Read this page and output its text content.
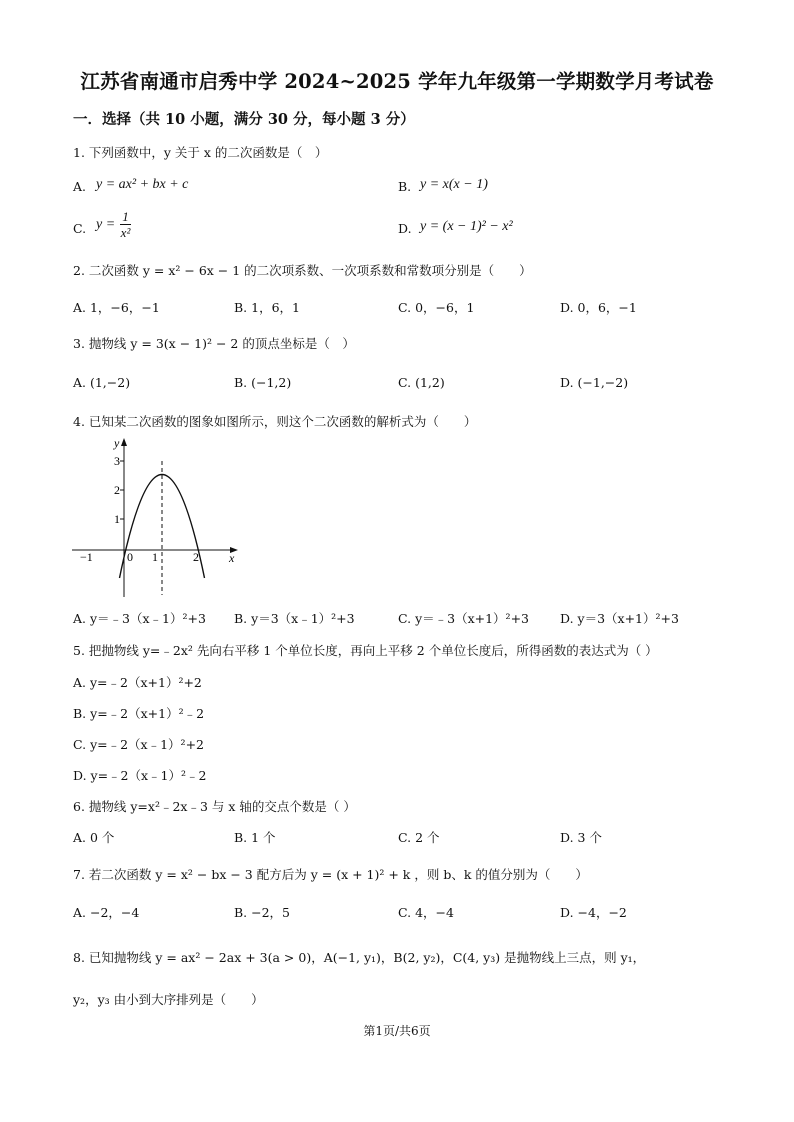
江苏省南通市启秀中学 2024~2025 学年九年级第一学期数学月考试卷
一．选择（共 10 小题，满分 30 分，每小题 3 分）
1. 下列函数中，y 关于 x 的二次函数是（　）
A. y = ax² + bx + c	B. y = x(x − 1)
C. $y = \frac{1}{\text{x²}}$	D. y = (x − 1)² − x²
2. 二次函数 y = x² − 6x − 1 的二次项系数、一次项系数和常数项分别是（　　）
A. 1，−6，−1	B. 1，6，1	C. 0，−6，1	D. 0，6，−1
3. 抛物线 y = 3(x − 1)² − 2 的顶点坐标是（　）
A. (1,−2)	B. (−1,2)	C. (1,2)	D. (−1,−2)
4. 已知某二次函数的图象如图所示，则这个二次函数的解析式为（　　）
y
x
3
2
1
−1	0 1	2
A. y＝﹣3（x﹣1）²+3 B. y＝3（x﹣1）²+3	C. y＝﹣3（x+1）²+3 D. y＝3（x+1）²+3
5. 把抛物线 y=﹣2x² 先向右平移 1 个单位长度，再向上平移 2 个单位长度后，所得函数的表达式为（ ）
A. y=﹣2（x+1）²+2
B. y=﹣2（x+1）²﹣2
C. y=﹣2（x﹣1）²+2
D. y=﹣2（x﹣1）²﹣2
6. 抛物线 y=x²﹣2x﹣3 与 x 轴的交点个数是（ ）
A. 0 个	B. 1 个	C. 2 个	D. 3 个
7. 若二次函数 y = x² − bx − 3 配方后为 y = (x + 1)² + k ，则 b、k 的值分别为（　　）
A. −2，−4	B. −2，5	C. 4，−4	D. −4，−2
8. 已知抛物线 y = ax² − 2ax + 3(a > 0)，A(−1, y₁)，B(2, y₂)，C(4, y₃) 是抛物线上三点，则 y₁，
y₂，y₃ 由小到大序排列是（　　）
第1页/共6页
